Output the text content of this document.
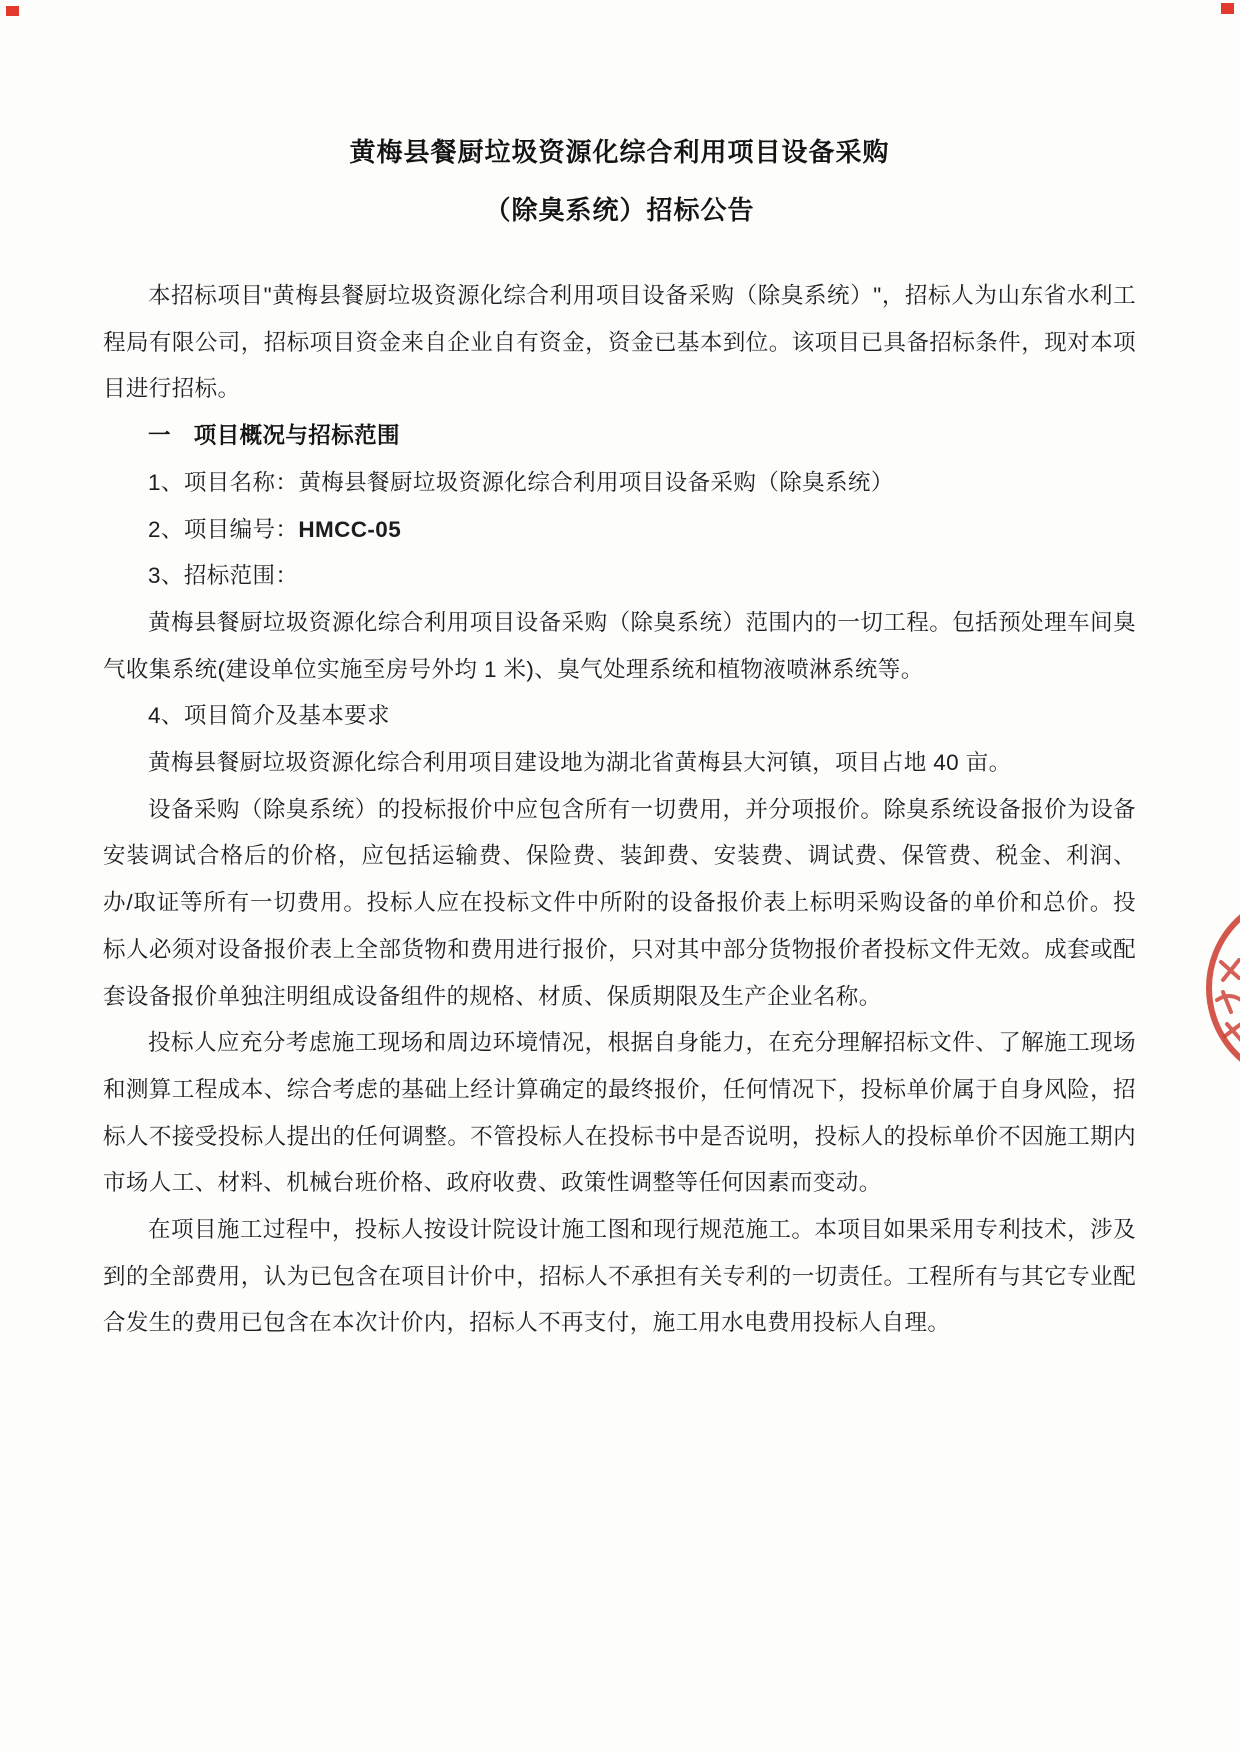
黄梅县餐厨垃圾资源化综合利用项目设备采购
（除臭系统）招标公告

本招标项目"黄梅县餐厨垃圾资源化综合利用项目设备采购（除臭系统）"，招标人为山东省水利工程局有限公司，招标项目资金来自企业自有资金，资金已基本到位。该项目已具备招标条件，现对本项目进行招标。

一　项目概况与招标范围

1、项目名称：黄梅县餐厨垃圾资源化综合利用项目设备采购（除臭系统）

2、项目编号：HMCC-05

3、招标范围：

黄梅县餐厨垃圾资源化综合利用项目设备采购（除臭系统）范围内的一切工程。包括预处理车间臭气收集系统(建设单位实施至房号外均 1 米)、臭气处理系统和植物液喷淋系统等。

4、项目简介及基本要求

黄梅县餐厨垃圾资源化综合利用项目建设地为湖北省黄梅县大河镇，项目占地 40 亩。

设备采购（除臭系统）的投标报价中应包含所有一切费用，并分项报价。除臭系统设备报价为设备安装调试合格后的价格，应包括运输费、保险费、装卸费、安装费、调试费、保管费、税金、利润、办/取证等所有一切费用。投标人应在投标文件中所附的设备报价表上标明采购设备的单价和总价。投标人必须对设备报价表上全部货物和费用进行报价，只对其中部分货物报价者投标文件无效。成套或配套设备报价单独注明组成设备组件的规格、材质、保质期限及生产企业名称。

投标人应充分考虑施工现场和周边环境情况，根据自身能力，在充分理解招标文件、了解施工现场和测算工程成本、综合考虑的基础上经计算确定的最终报价，任何情况下，投标单价属于自身风险，招标人不接受投标人提出的任何调整。不管投标人在投标书中是否说明，投标人的投标单价不因施工期内市场人工、材料、机械台班价格、政府收费、政策性调整等任何因素而变动。

在项目施工过程中，投标人按设计院设计施工图和现行规范施工。本项目如果采用专利技术，涉及到的全部费用，认为已包含在项目计价中，招标人不承担有关专利的一切责任。工程所有与其它专业配合发生的费用已包含在本次计价内，招标人不再支付，施工用水电费用投标人自理。
